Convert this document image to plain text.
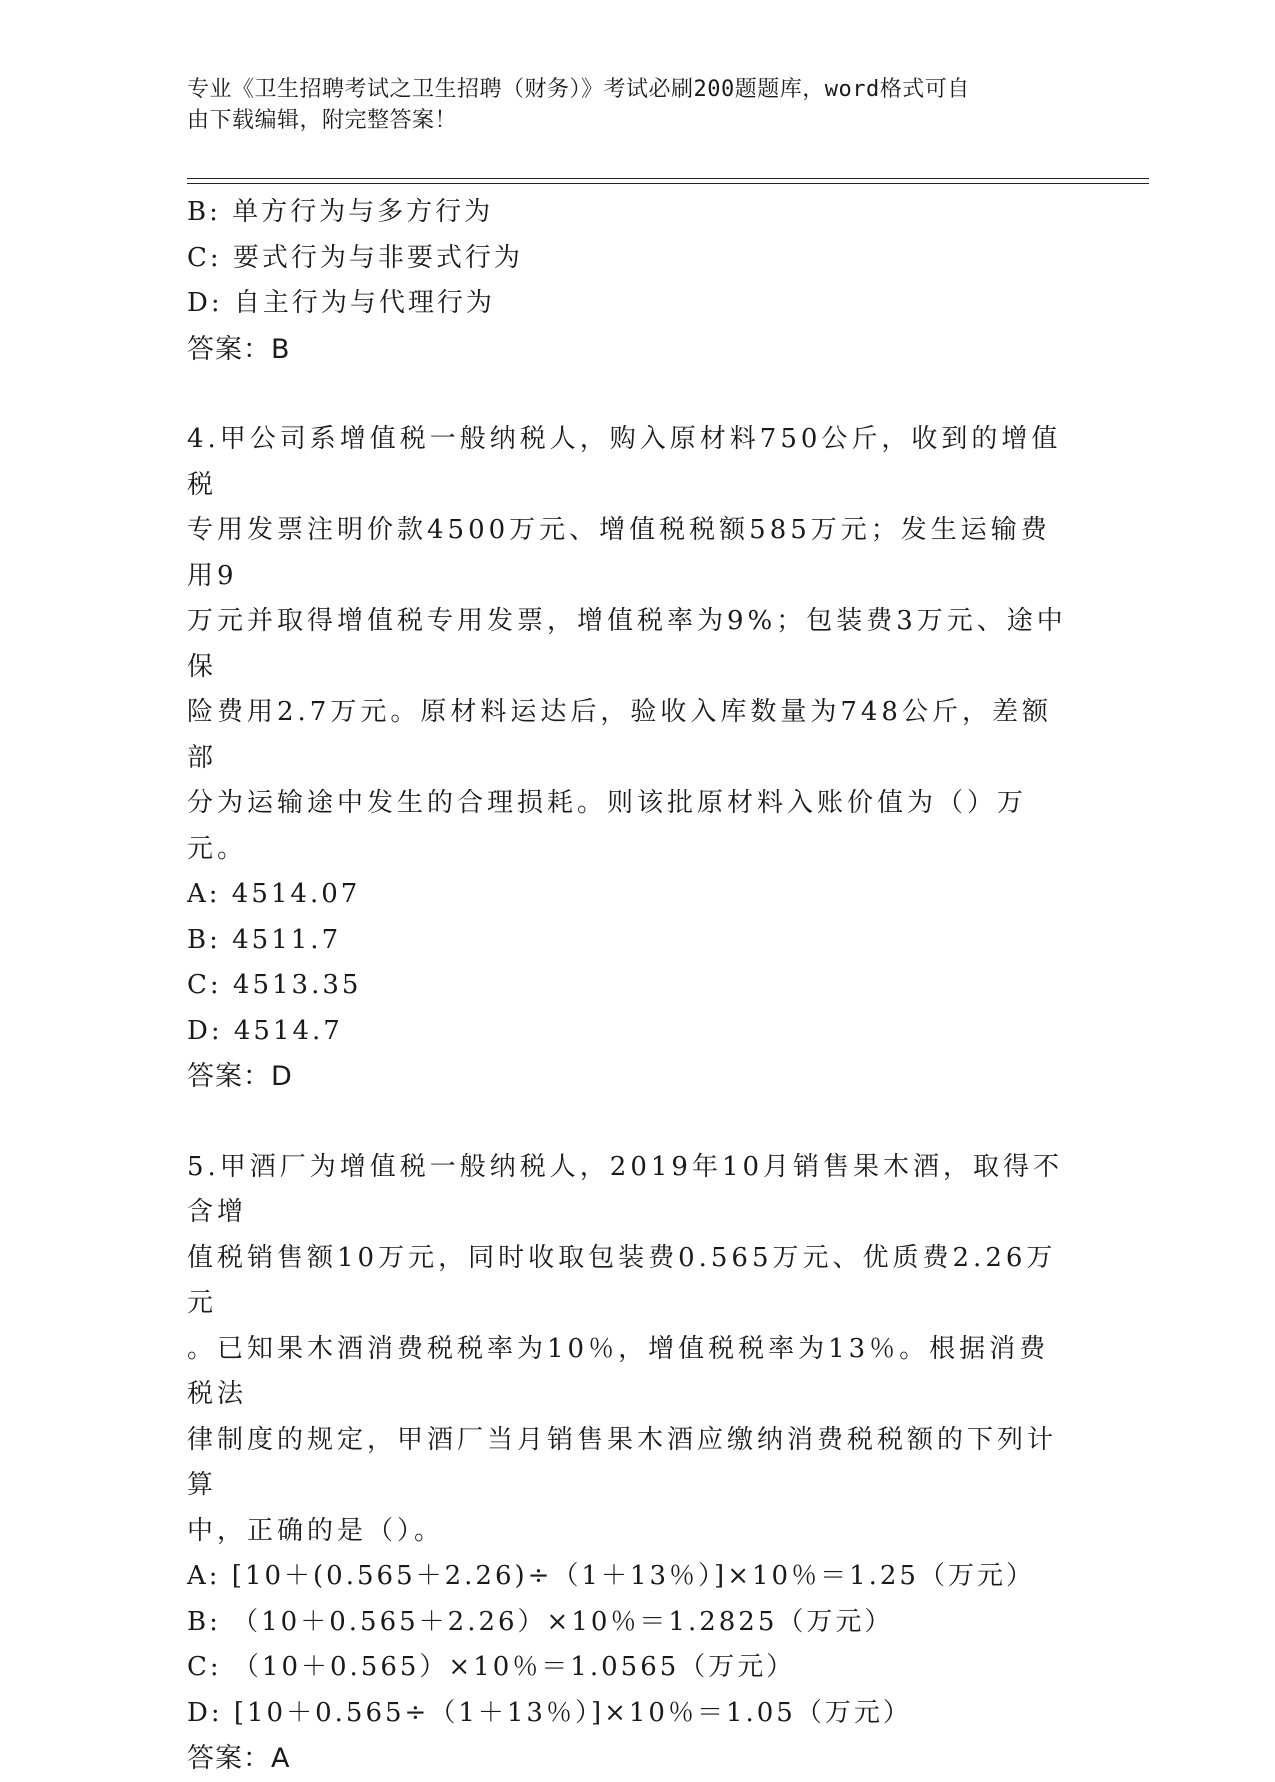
专业《卫生招聘考试之卫生招聘（财务）》考试必刷200题题库，word格式可自
由下载编辑，附完整答案！
B: 单方行为与多方行为
C: 要式行为与非要式行为
D: 自主行为与代理行为
答案：B
4.甲公司系增值税一般纳税人，购入原材料750公斤，收到的增值税
专用发票注明价款4500万元、增值税税额585万元；发生运输费用9
万元并取得增值税专用发票，增值税率为9%；包装费3万元、途中保
险费用2.7万元。原材料运达后，验收入库数量为748公斤，差额部
分为运输途中发生的合理损耗。则该批原材料入账价值为（）万元。
A: 4514.07
B: 4511.7
C: 4513.35
D: 4514.7
答案：D
5.甲酒厂为增值税一般纳税人，2019年10月销售果木酒，取得不含增
值税销售额10万元，同时收取包装费0.565万元、优质费2.26万元
。已知果木酒消费税税率为10％，增值税税率为13％。根据消费税法
律制度的规定，甲酒厂当月销售果木酒应缴纳消费税税额的下列计算
中，正确的是（）。
A: [10＋(0.565＋2.26)÷（1＋13％）]×10％＝1.25（万元）
B: （10＋0.565＋2.26）×10％＝1.2825（万元）
C: （10＋0.565）×10％＝1.0565（万元）
D: [10＋0.565÷（1＋13％）]×10％＝1.05（万元）
答案：A
